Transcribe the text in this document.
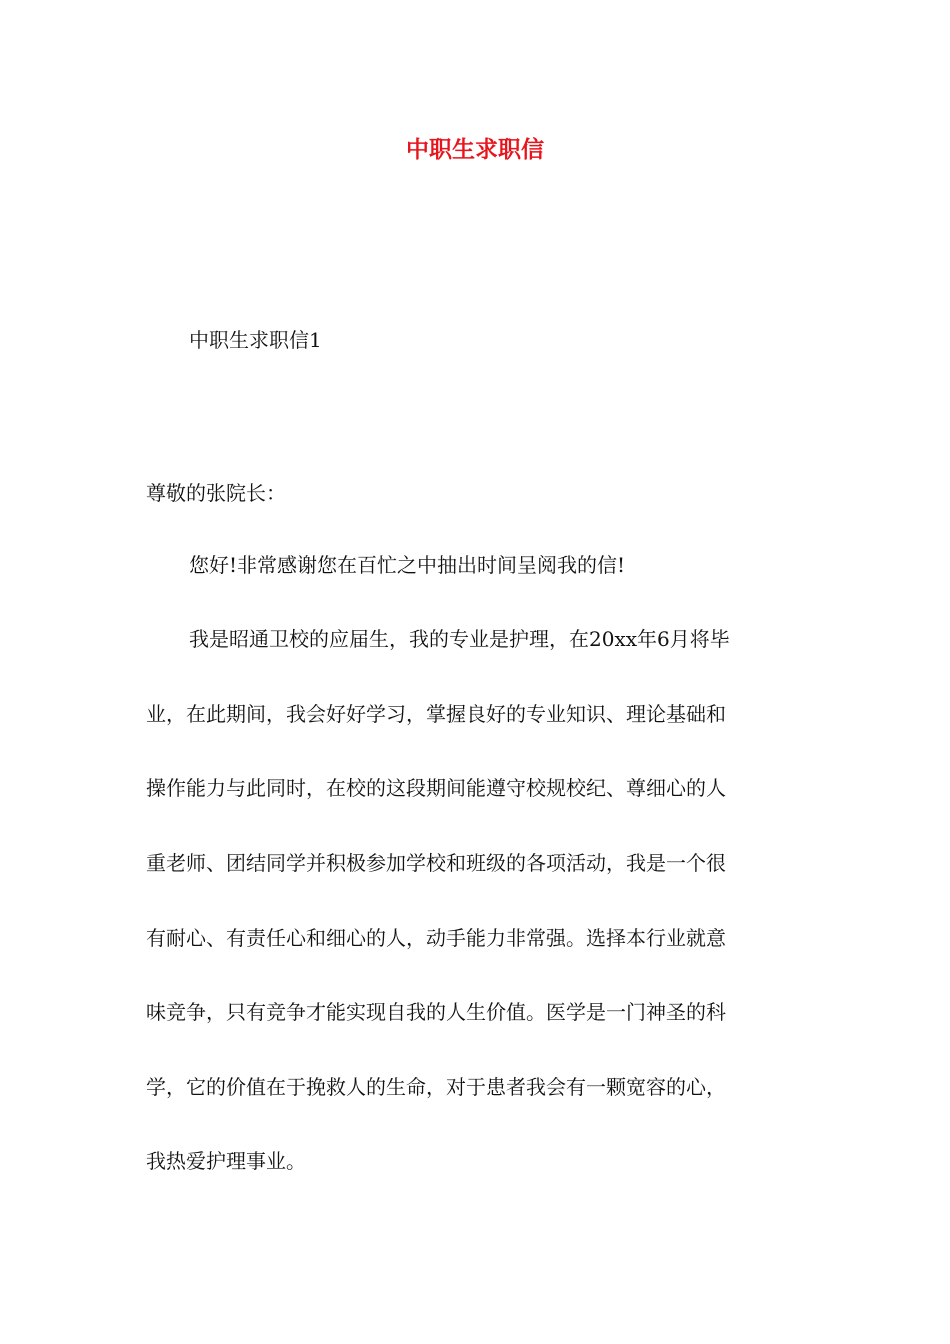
中职生求职信

中职生求职信1

尊敬的张院长：

您好!非常感谢您在百忙之中抽出时间呈阅我的信!

我是昭通卫校的应届生，我的专业是护理，在20xx年6月将毕

业，在此期间，我会好好学习，掌握良好的专业知识、理论基础和

操作能力与此同时，在校的这段期间能遵守校规校纪、尊细心的人

重老师、团结同学并积极参加学校和班级的各项活动，我是一个很

有耐心、有责任心和细心的人，动手能力非常强。选择本行业就意

味竞争，只有竞争才能实现自我的人生价值。医学是一门神圣的科

学，它的价值在于挽救人的生命，对于患者我会有一颗宽容的心，

我热爱护理事业。
